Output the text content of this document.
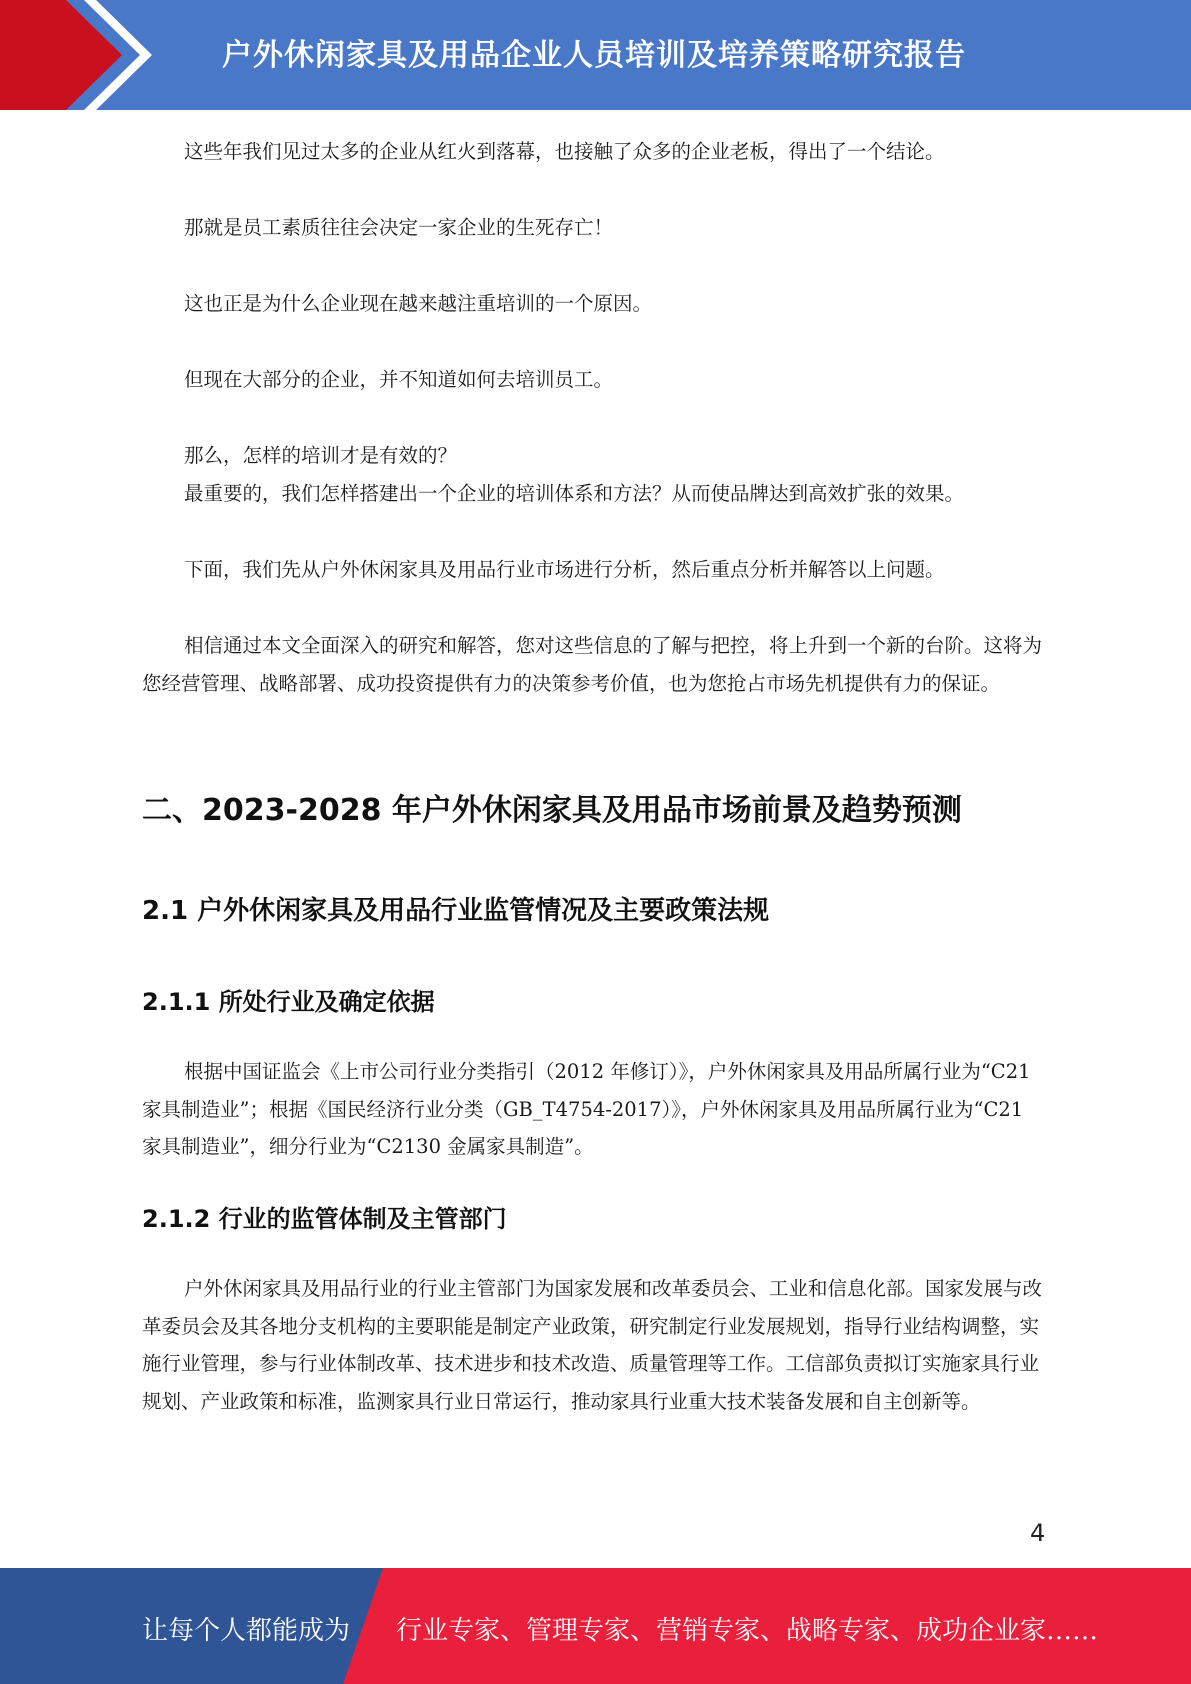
户外休闲家具及用品企业人员培训及培养策略研究报告
这些年我们见过太多的企业从红火到落幕，也接触了众多的企业老板，得出了一个结论。
那就是员工素质往往会决定一家企业的生死存亡！
这也正是为什么企业现在越来越注重培训的一个原因。
但现在大部分的企业，并不知道如何去培训员工。
那么，怎样的培训才是有效的？
最重要的，我们怎样搭建出一个企业的培训体系和方法？从而使品牌达到高效扩张的效果。
下面，我们先从户外休闲家具及用品行业市场进行分析，然后重点分析并解答以上问题。
相信通过本文全面深入的研究和解答，您对这些信息的了解与把控，将上升到一个新的台阶。这将为您经营管理、战略部署、成功投资提供有力的决策参考价值，也为您抢占市场先机提供有力的保证。
二、2023-2028 年户外休闲家具及用品市场前景及趋势预测
2.1 户外休闲家具及用品行业监管情况及主要政策法规
2.1.1 所处行业及确定依据
根据中国证监会《上市公司行业分类指引（2012 年修订）》，户外休闲家具及用品所属行业为“C21 家具制造业”；根据《国民经济行业分类（GB_T4754-2017）》，户外休闲家具及用品所属行业为“C21 家具制造业”，细分行业为“C2130 金属家具制造”。
2.1.2 行业的监管体制及主管部门
户外休闲家具及用品行业的行业主管部门为国家发展和改革委员会、工业和信息化部。国家发展与改革委员会及其各地分支机构的主要职能是制定产业政策，研究制定行业发展规划，指导行业结构调整，实施行业管理，参与行业体制改革、技术进步和技术改造、质量管理等工作。工信部负责拟订实施家具行业规划、产业政策和标准，监测家具行业日常运行，推动家具行业重大技术装备发展和自主创新等。
4
让每个人都能成为 行业专家、管理专家、营销专家、战略专家、成功企业家……
